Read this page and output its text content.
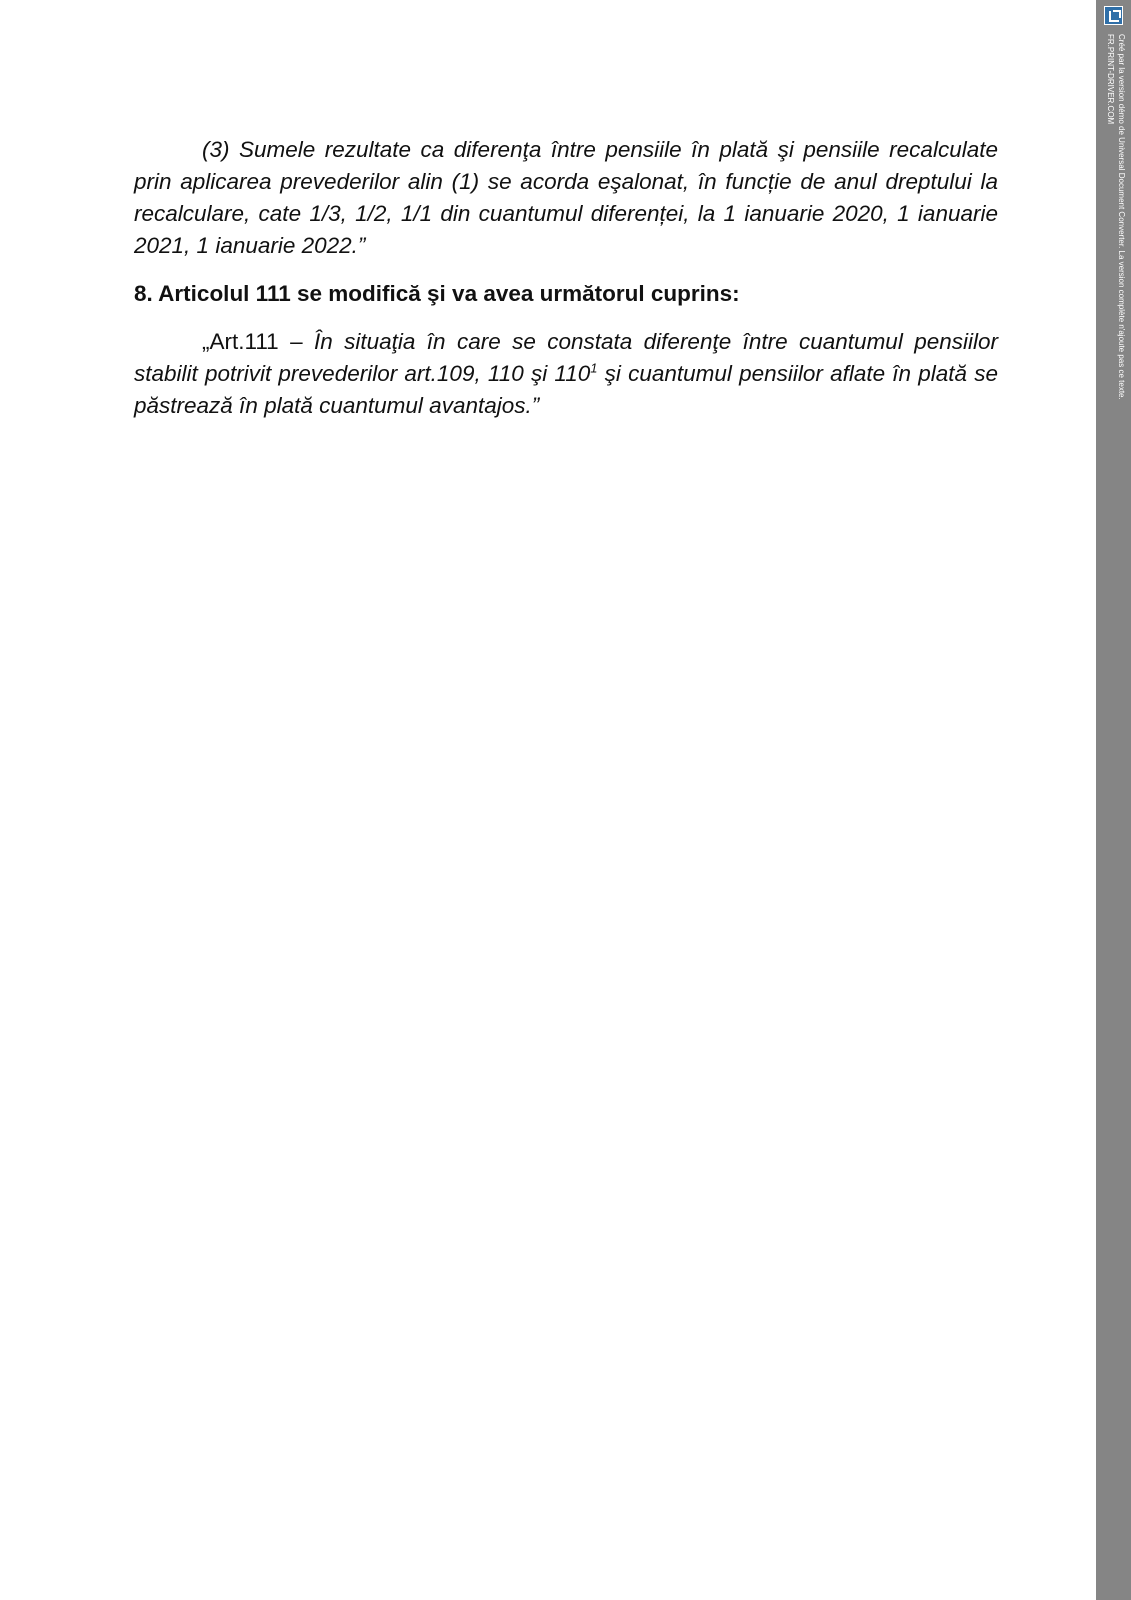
(3) Sumele rezultate ca diferenţa între pensiile în plată şi pensiile recalculate prin aplicarea prevederilor alin (1) se acorda eşalonat, în funcție de anul dreptului la recalculare, cate 1/3, 1/2, 1/1 din cuantumul diferenței, la 1 ianuarie 2020, 1 ianuarie 2021, 1 ianuarie 2022.”

8. Articolul 111 se modifică şi va avea următorul cuprins:

„Art.111 – În situaţia în care se constata diferenţe între cuantumul pensiilor stabilit potrivit prevederilor art.109, 110 şi $110^1$ şi cuantumul pensiilor aflate în plată se păstrează în plată cuantumul avantajos.”

Créé par la version démo de Universal Document Converter. La version complète n'ajoute pas ce texte.
FR.PRINT-DRIVER.COM
